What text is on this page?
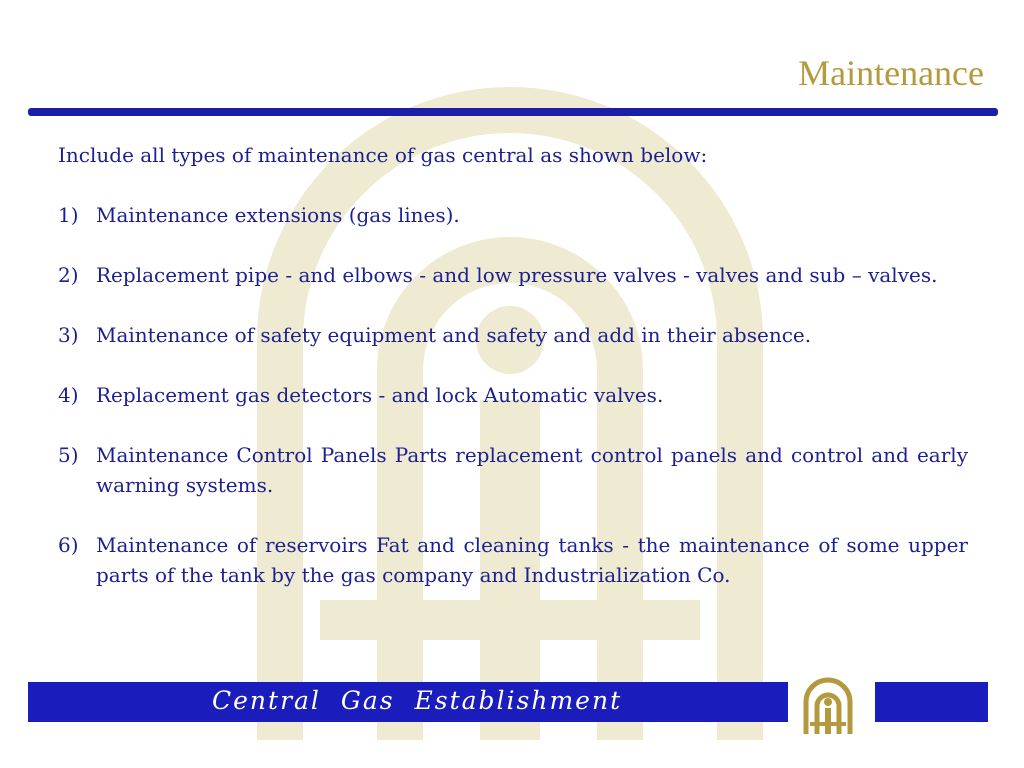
Maintenance

Include all types of maintenance of gas central as shown below:

1) Maintenance extensions (gas lines).
2) Replacement pipe - and elbows - and low pressure valves - valves and sub – valves.
3) Maintenance of safety equipment and safety and add in their absence.
4) Replacement gas detectors - and lock Automatic valves.
5) Maintenance Control Panels Parts replacement control panels and control and early warning systems.
6) Maintenance of reservoirs Fat and cleaning tanks - the maintenance of some upper parts of the tank by the gas company and Industrialization Co.
Central Gas Establishment
